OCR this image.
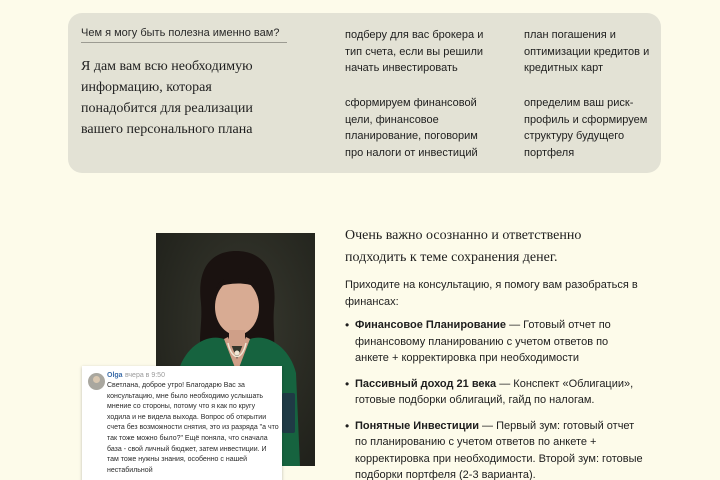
Чем я могу быть полезна именно вам?
Я дам вам всю необходимую информацию, которая понадобится для реализации вашего персонального плана
подберу для вас брокера и тип счета, если вы решили начать инвестировать
план погашения и оптимизации кредитов и кредитных карт
сформируем финансовой цели, финансовое планирование, поговорим про налоги от инвестиций
определим ваш риск-профиль и сформируем структуру будущего портфеля
Olga вчера в 9:50
Светлана, доброе утро! Благодарю Вас за консультацию, мне было необходимо услышать мнение со стороны, потому что я как по кругу ходила и не видела выхода. Вопрос об открытии счета без возможности снятия, это из разряда "а что так тоже можно было?" Ещё поняла, что сначала база - свой личный бюджет, затем инвестиции. И там тоже нужны знания, особенно с нашей нестабильной
Очень важно осознанно и ответственно подходить к теме сохранения денег.
Приходите на консультацию, я помогу вам разобраться в финансах:
• Финансовое Планирование — Готовый отчет по финансовому планированию с учетом ответов по анкете + корректировка при необходимости
• Пассивный доход 21 века — Конспект «Облигации», готовые подборки облигаций, гайд по налогам.
• Понятные Инвестиции — Первый зум: готовый отчет по планированию с учетом ответов по анкете + корректировка при необходимости. Второй зум: готовые подборки портфеля (2-3 варианта).
